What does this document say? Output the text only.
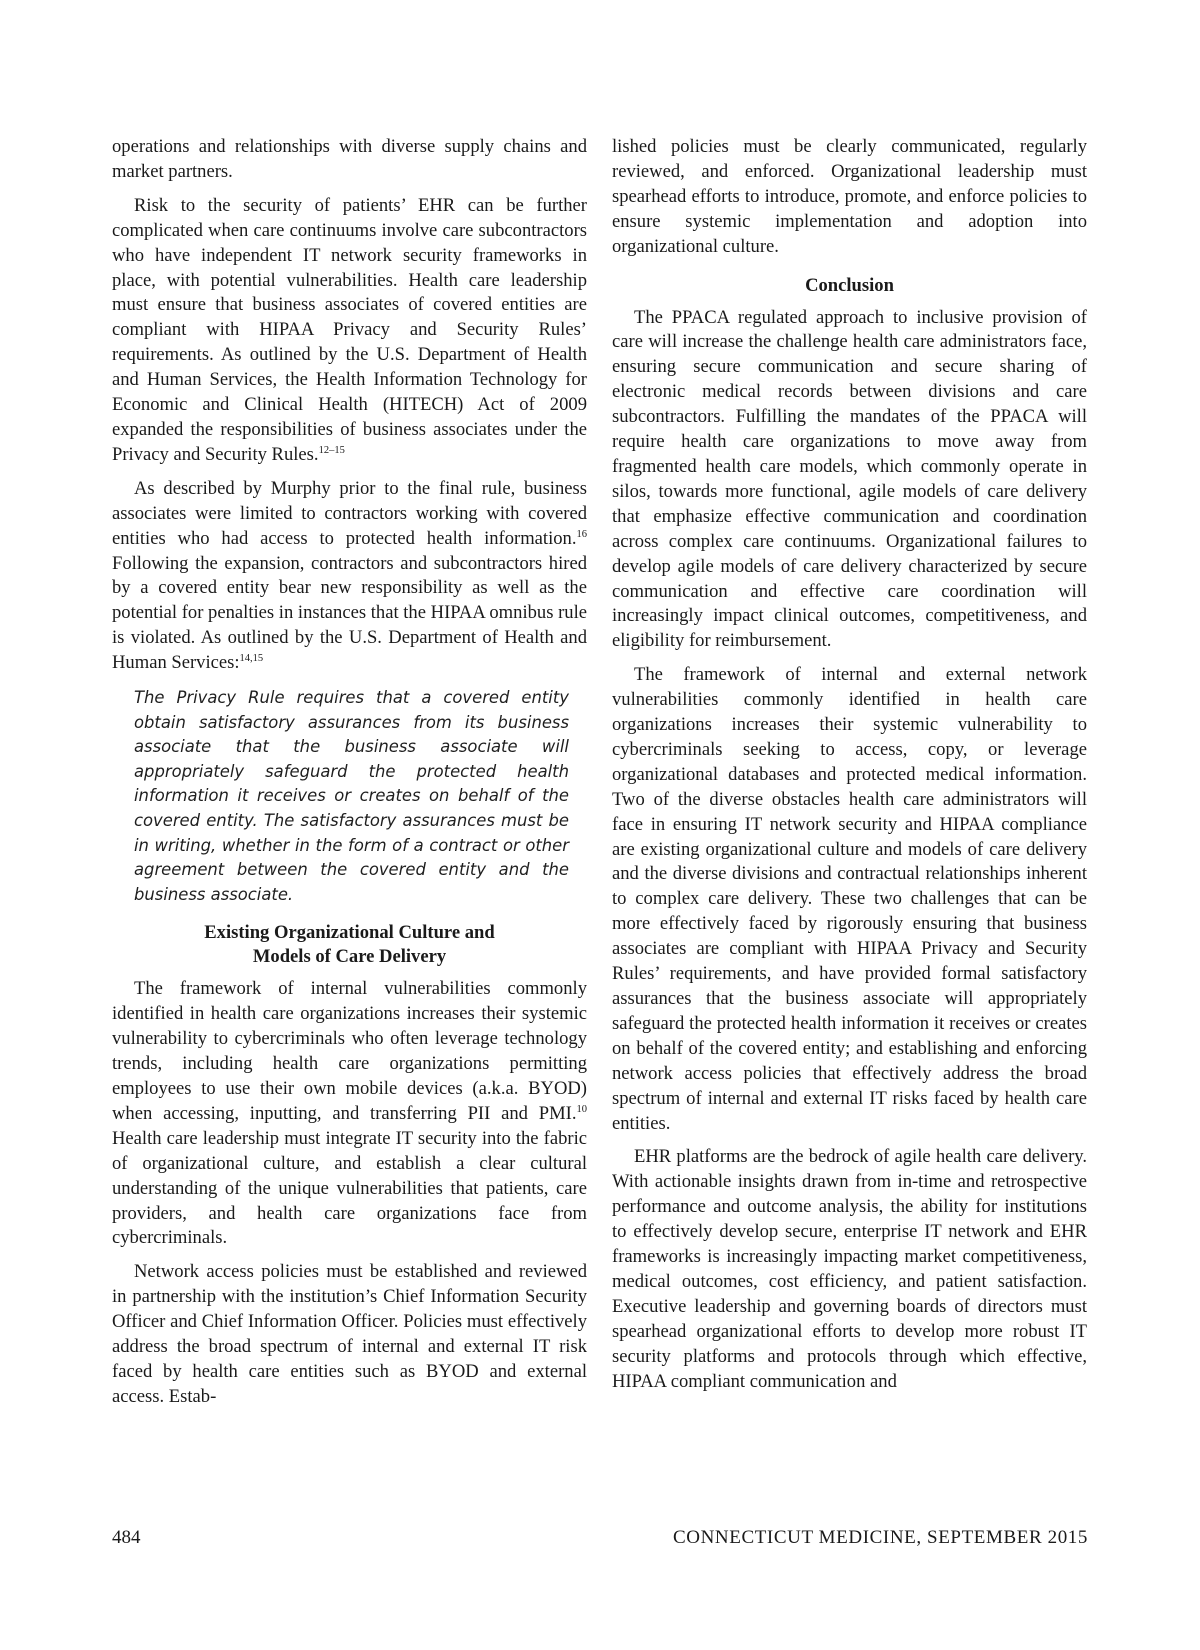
operations and relationships with diverse supply chains and market partners.

Risk to the security of patients’ EHR can be further complicated when care continuums involve care subcontractors who have independent IT network security frameworks in place, with potential vulnerabilities. Health care leadership must ensure that business associates of covered entities are compliant with HIPAA Privacy and Security Rules’ requirements. As outlined by the U.S. Department of Health and Human Services, the Health Information Technology for Economic and Clinical Health (HITECH) Act of 2009 expanded the responsibilities of business associates under the Privacy and Security Rules.$^{12-15}$

As described by Murphy prior to the final rule, business associates were limited to contractors working with covered entities who had access to protected health information.$^{16}$ Following the expansion, contractors and subcontractors hired by a covered entity bear new responsibility as well as the potential for penalties in instances that the HIPAA omnibus rule is violated. As outlined by the U.S. Department of Health and Human Services:$^{14,15}$

The Privacy Rule requires that a covered entity obtain satisfactory assurances from its business associate that the business associate will appropriately safeguard the protected health information it receives or creates on behalf of the covered entity. The satisfactory assurances must be in writing, whether in the form of a contract or other agreement between the covered entity and the business associate.
Existing Organizational Culture and
Models of Care Delivery

The framework of internal vulnerabilities commonly identified in health care organizations increases their systemic vulnerability to cybercriminals who often leverage technology trends, including health care organizations permitting employees to use their own mobile devices (a.k.a. BYOD) when accessing, inputting, and transferring PII and PMI.$^{10}$ Health care leadership must integrate IT security into the fabric of organizational culture, and establish a clear cultural understanding of the unique vulnerabilities that patients, care providers, and health care organizations face from cybercriminals.

Network access policies must be established and reviewed in partnership with the institution’s Chief Information Security Officer and Chief Information Officer. Policies must effectively address the broad spectrum of internal and external IT risk faced by health care entities such as BYOD and external access. Estab-

lished policies must be clearly communicated, regularly reviewed, and enforced. Organizational leadership must spearhead efforts to introduce, promote, and enforce policies to ensure systemic implementation and adoption into organizational culture.

Conclusion

The PPACA regulated approach to inclusive provision of care will increase the challenge health care administrators face, ensuring secure communication and secure sharing of electronic medical records between divisions and care subcontractors. Fulfilling the mandates of the PPACA will require health care organizations to move away from fragmented health care models, which commonly operate in silos, towards more functional, agile models of care delivery that emphasize effective communication and coordination across complex care continuums. Organizational failures to develop agile models of care delivery characterized by secure communication and effective care coordination will increasingly impact clinical outcomes, competitiveness, and eligibility for reimbursement.

The framework of internal and external network vulnerabilities commonly identified in health care organizations increases their systemic vulnerability to cybercriminals seeking to access, copy, or leverage organizational databases and protected medical information. Two of the diverse obstacles health care administrators will face in ensuring IT network security and HIPAA compliance are existing organizational culture and models of care delivery and the diverse divisions and contractual relationships inherent to complex care delivery. These two challenges that can be more effectively faced by rigorously ensuring that business associates are compliant with HIPAA Privacy and Security Rules’ requirements, and have provided formal satisfactory assurances that the business associate will appropriately safeguard the protected health information it receives or creates on behalf of the covered entity; and establishing and enforcing network access policies that effectively address the broad spectrum of internal and external IT risks faced by health care entities.

EHR platforms are the bedrock of agile health care delivery. With actionable insights drawn from in-time and retrospective performance and outcome analysis, the ability for institutions to effectively develop secure, enterprise IT network and EHR frameworks is increasingly impacting market competitiveness, medical outcomes, cost efficiency, and patient satisfaction. Executive leadership and governing boards of directors must spearhead organizational efforts to develop more robust IT security platforms and protocols through which effective, HIPAA compliant communication and

484	CONNECTICUT MEDICINE, SEPTEMBER 2015
